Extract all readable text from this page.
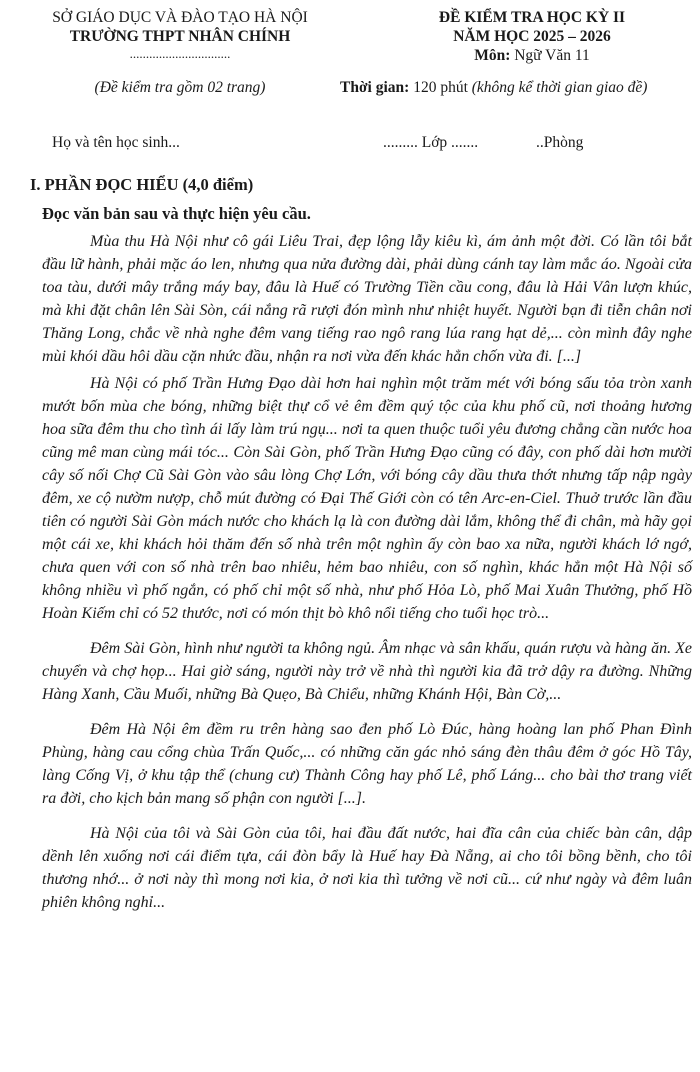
SỞ GIÁO DỤC VÀ ĐÀO TẠO HÀ NỘI
TRƯỜNG THPT NHÂN CHÍNH
...............................
(Đề kiểm tra gồm 02 trang)
ĐỀ KIỂM TRA HỌC KỲ II
NĂM HỌC 2025 – 2026
Môn: Ngữ Văn 11
Thời gian: 120 phút (không kể thời gian giao đề)
Họ và tên học sinh...	......... Lớp .......	..Phòng
I. PHẦN ĐỌC HIỂU (4,0 điểm)
Đọc văn bản sau và thực hiện yêu cầu.

Mùa thu Hà Nội như cô gái Liêu Trai, đẹp lộng lẫy kiêu kì, ám ảnh một đời. Có lần tôi bắt đầu lữ hành, phải mặc áo len, nhưng qua nửa đường dài, phải dùng cánh tay làm mắc áo. Ngoài cửa toa tàu, dưới mây trắng máy bay, đâu là Huế có Trường Tiền cầu cong, đâu là Hải Vân lượn khúc, mà khi đặt chân lên Sài Sòn, cái nắng rã rượi đón mình như nhiệt huyết. Người bạn đi tiễn chân nơi Thăng Long, chắc về nhà nghe đêm vang tiếng rao ngô rang lúa rang hạt dẻ,... còn mình đây nghe mùi khói dầu hôi dầu cặn nhức đầu, nhận ra nơi vừa đến khác hẳn chốn vừa đi. [...]

Hà Nội có phố Trần Hưng Đạo dài hơn hai nghìn một trăm mét với bóng sấu tỏa tròn xanh mướt bốn mùa che bóng, những biệt thự cổ vẻ êm đềm quý tộc của khu phố cũ, nơi thoảng hương hoa sữa đêm thu cho tình ái lấy làm trú ngụ... nơi ta quen thuộc tuổi yêu đương chẳng cần nước hoa cũng mê man cùng mái tóc... Còn Sài Gòn, phố Trần Hưng Đạo cũng có đây, con phố dài hơn mười cây số nối Chợ Cũ Sài Gòn vào sâu lòng Chợ Lớn, với bóng cây dầu thưa thớt nhưng tấp nập ngày đêm, xe cộ nườm nượp, chỗ mút đường có Đại Thế Giới còn có tên Arc-en-Ciel. Thuở trước lần đầu tiên có người Sài Gòn mách nước cho khách lạ là con đường dài lắm, không thể đi chân, mà hãy gọi một cái xe, khi khách hỏi thăm đến số nhà trên một nghìn ấy còn bao xa nữa, người khách lớ ngớ, chưa quen với con số nhà trên bao nhiêu, hẻm bao nhiêu, con số nghìn, khác hẳn một Hà Nội số không nhiều vì phố ngắn, có phố chỉ một số nhà, như phố Hỏa Lò, phố Mai Xuân Thưởng, phố Hồ Hoàn Kiếm chỉ có 52 thước, nơi có món thịt bò khô nổi tiếng cho tuổi học trò...

Đêm Sài Gòn, hình như người ta không ngủ. Âm nhạc và sân khấu, quán rượu và hàng ăn. Xe chuyển và chợ họp... Hai giờ sáng, người này trở về nhà thì người kia đã trở dậy ra đường. Những Hàng Xanh, Cầu Muối, những Bà Quẹo, Bà Chiểu, những Khánh Hội, Bàn Cờ,...

Đêm Hà Nội êm đềm ru trên hàng sao đen phố Lò Đúc, hàng hoàng lan phố Phan Đình Phùng, hàng cau cổng chùa Trấn Quốc,... có những căn gác nhỏ sáng đèn thâu đêm ở góc Hồ Tây, làng Cống Vị, ở khu tập thể (chung cư) Thành Công hay phố Lê, phố Láng... cho bài thơ trang viết ra đời, cho kịch bản mang số phận con người [...].

Hà Nội của tôi và Sài Gòn của tôi, hai đầu đất nước, hai đĩa cân của chiếc bàn cân, dập dềnh lên xuống nơi cái điểm tựa, cái đòn bẩy là Huế hay Đà Nẵng, ai cho tôi bồng bềnh, cho tôi thương nhớ... ở nơi này thì mong nơi kia, ở nơi kia thì tưởng về nơi cũ... cứ như ngày và đêm luân phiên không nghỉ...
